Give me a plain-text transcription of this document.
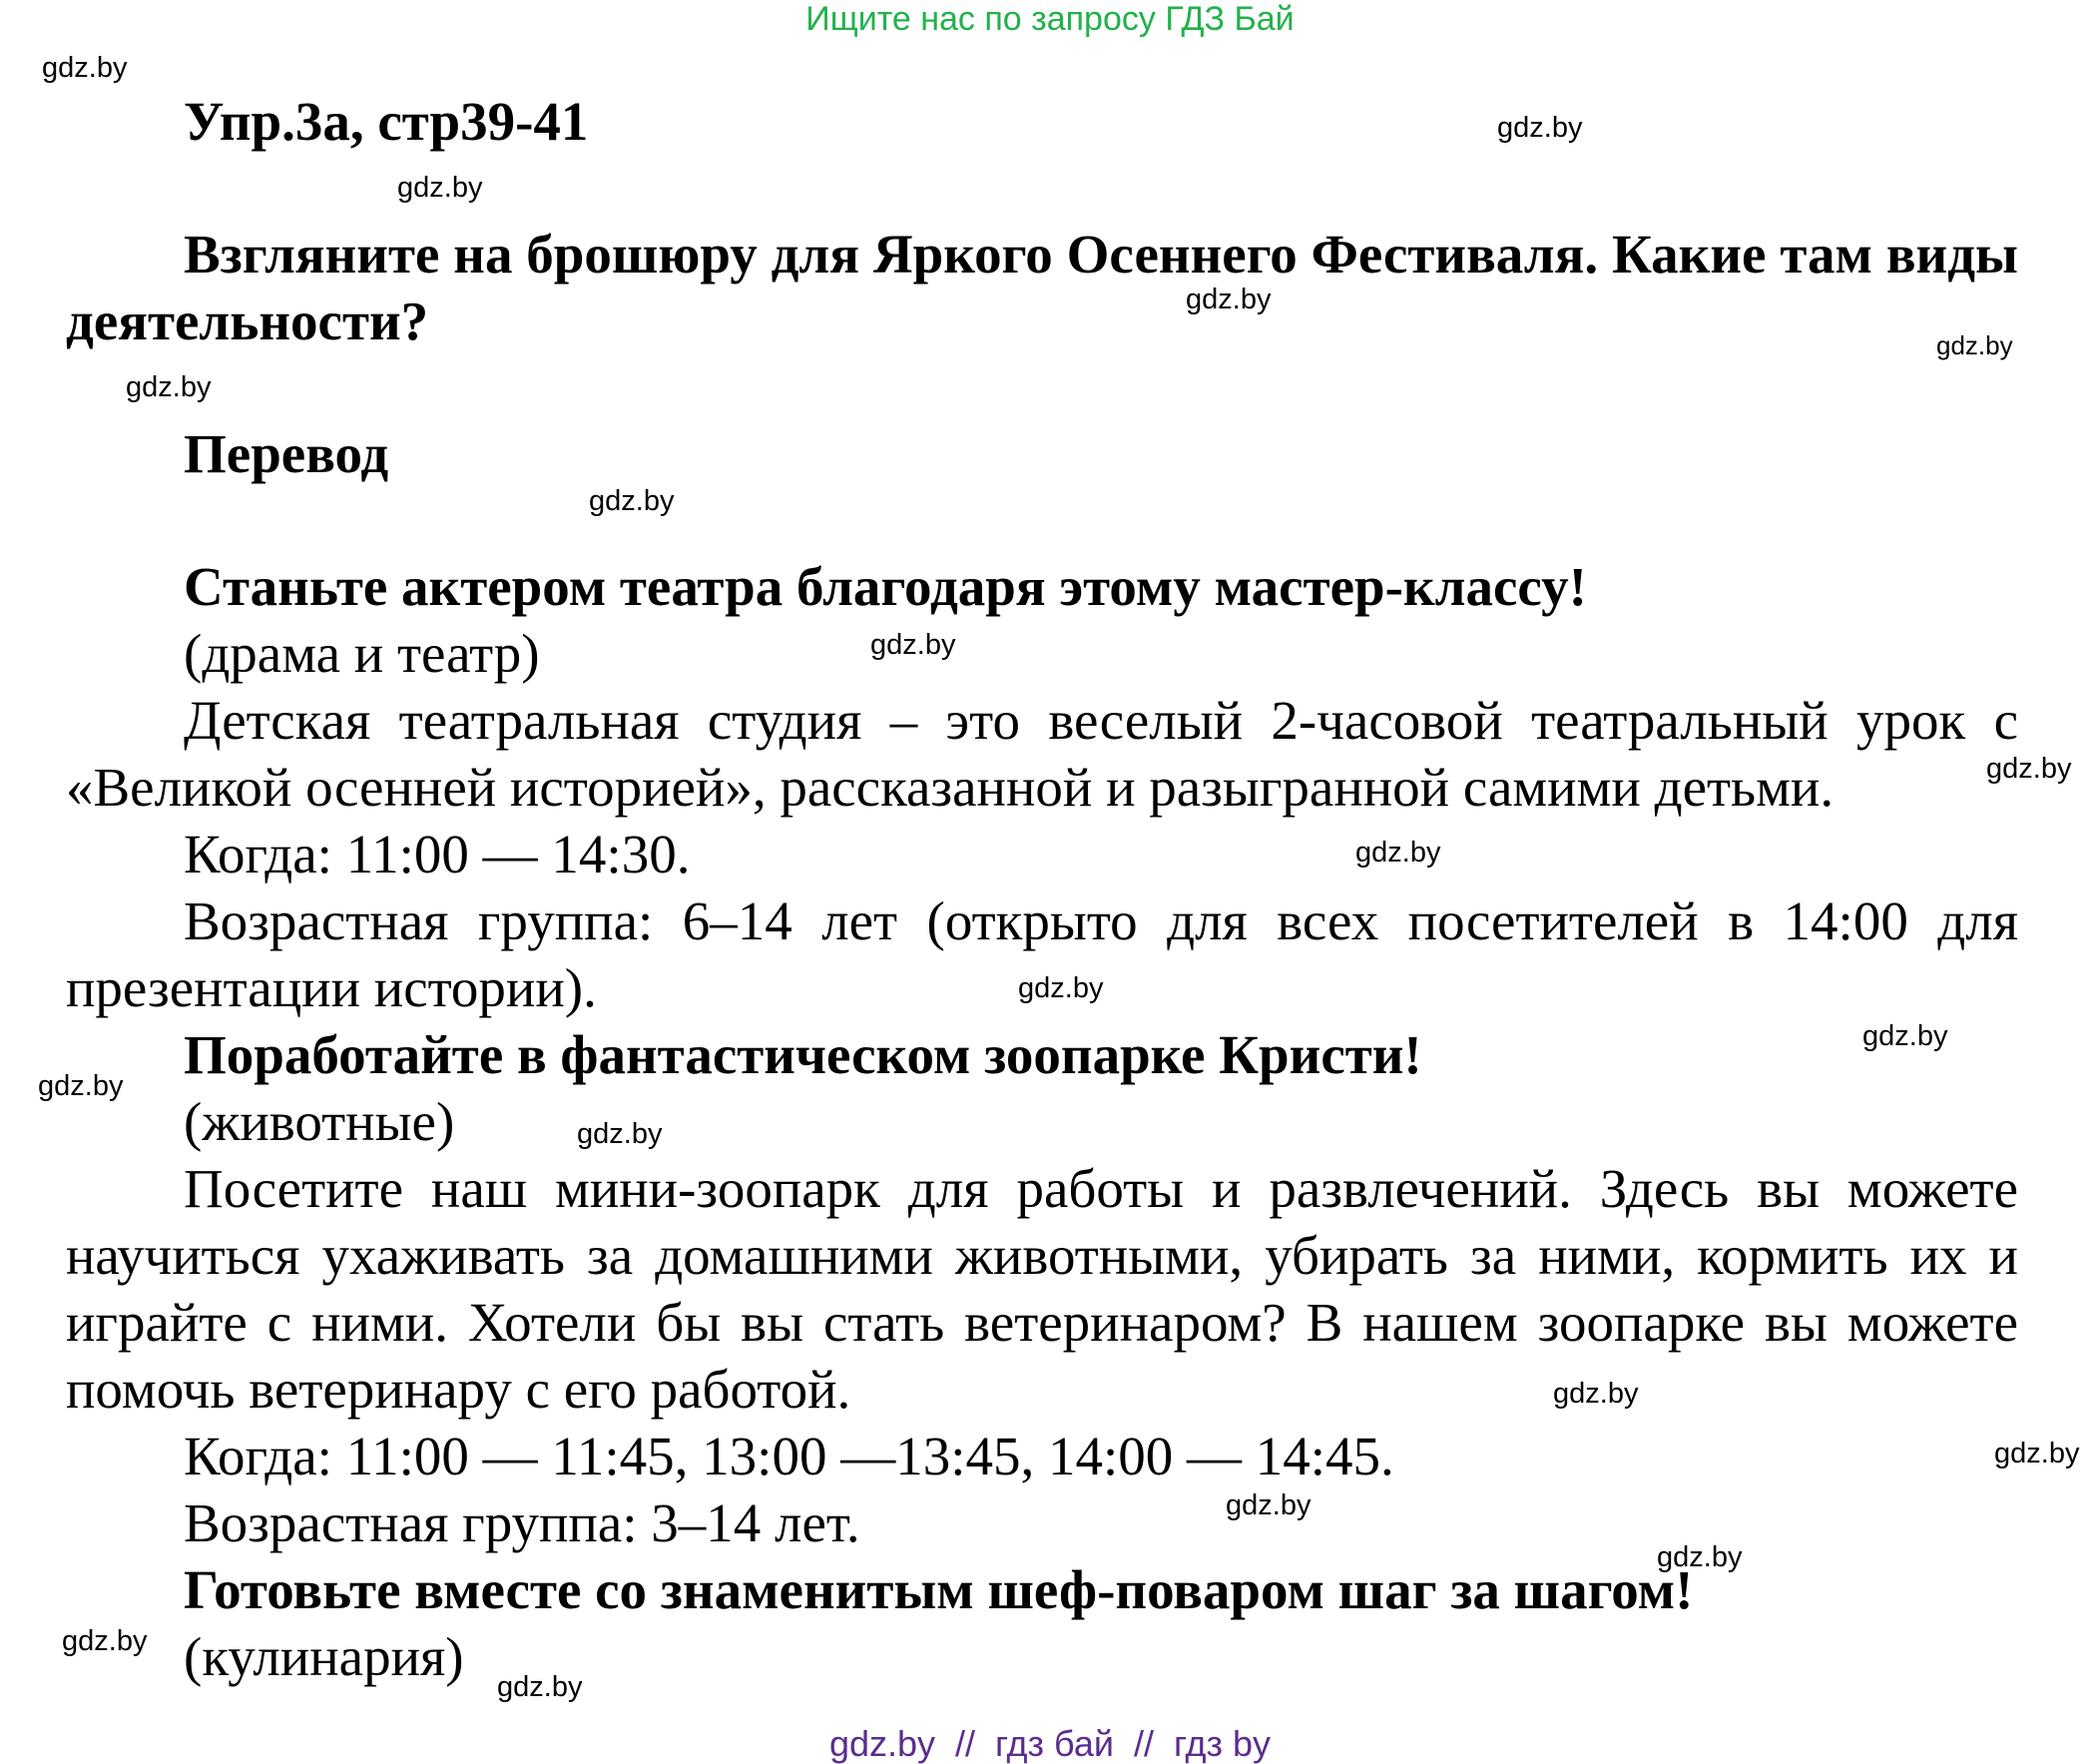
Ищите нас по запросу ГДЗ Бай

Упр.3а, стр39-41

Взгляните на брошюру для Яркого Осеннего Фестиваля. Какие там виды деятельности?

Перевод

Станьте актером театра благодаря этому мастер-классу!

(драма и театр)

Детская театральная студия – это веселый 2-часовой театральный урок с «Великой осенней историей», рассказанной и разыгранной самими детьми.

Когда: 11:00 — 14:30.

Возрастная группа: 6–14 лет (открыто для всех посетителей в 14:00 для презентации истории).

Поработайте в фантастическом зоопарке Кристи!

(животные)

Посетите наш мини-зоопарк для работы и развлечений. Здесь вы можете научиться ухаживать за домашними животными, убирать за ними, кормить их и играйте с ними. Хотели бы вы стать ветеринаром? В нашем зоопарке вы можете помочь ветеринару с его работой.

Когда: 11:00 — 11:45, 13:00 —13:45, 14:00 — 14:45.

Возрастная группа: 3–14 лет.

Готовьте вместе со знаменитым шеф-поваром шаг за шагом!

(кулинария)

gdz.by
gdz.by
gdz.by
gdz.by
gdz.by
gdz.by
gdz.by
gdz.by
gdz.by
gdz.by
gdz.by
gdz.by
gdz.by
gdz.by
gdz.by
gdz.by
gdz.by
gdz.by
gdz.by
gdz.by
gdz.by  //  гдз бай  //  гдз by
